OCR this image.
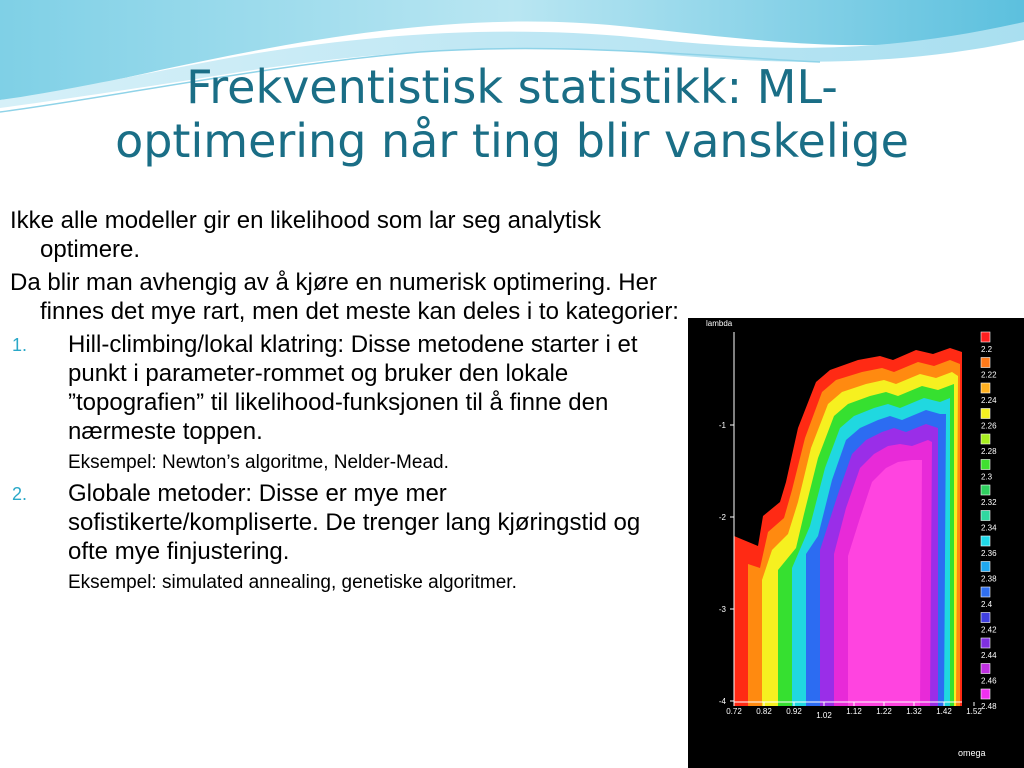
Frekventistisk statistikk: ML-
optimering når ting blir vanskelige

Ikke alle modeller gir en likelihood som lar seg analytisk optimere.

Da blir man avhengig av å kjøre en numerisk optimering. Her finnes det mye rart, men det meste kan deles i to kategorier:

1. Hill-climbing/lokal klatring: Disse metodene starter i et punkt i parameter-rommet og bruker den lokale ”topografien” til likelihood-funksjonen til å finne den nærmeste toppen.
Eksempel: Newton’s algoritme, Nelder-Mead.
2. Globale metoder: Disse er mye mer sofistikerte/kompliserte. De trenger lang kjøringstid og ofte mye finjustering.
Eksempel: simulated annealing, genetiske algoritmer.
lambda
omega
0.72 0.82 0.92 1.02 1.12 1.22 1.32 1.42 1.52
-1
-2
-3
-4
2.2
2.22
2.24
2.26
2.28
2.3
2.32
2.34
2.36
2.38
2.4
2.42
2.44
2.46
2.48
